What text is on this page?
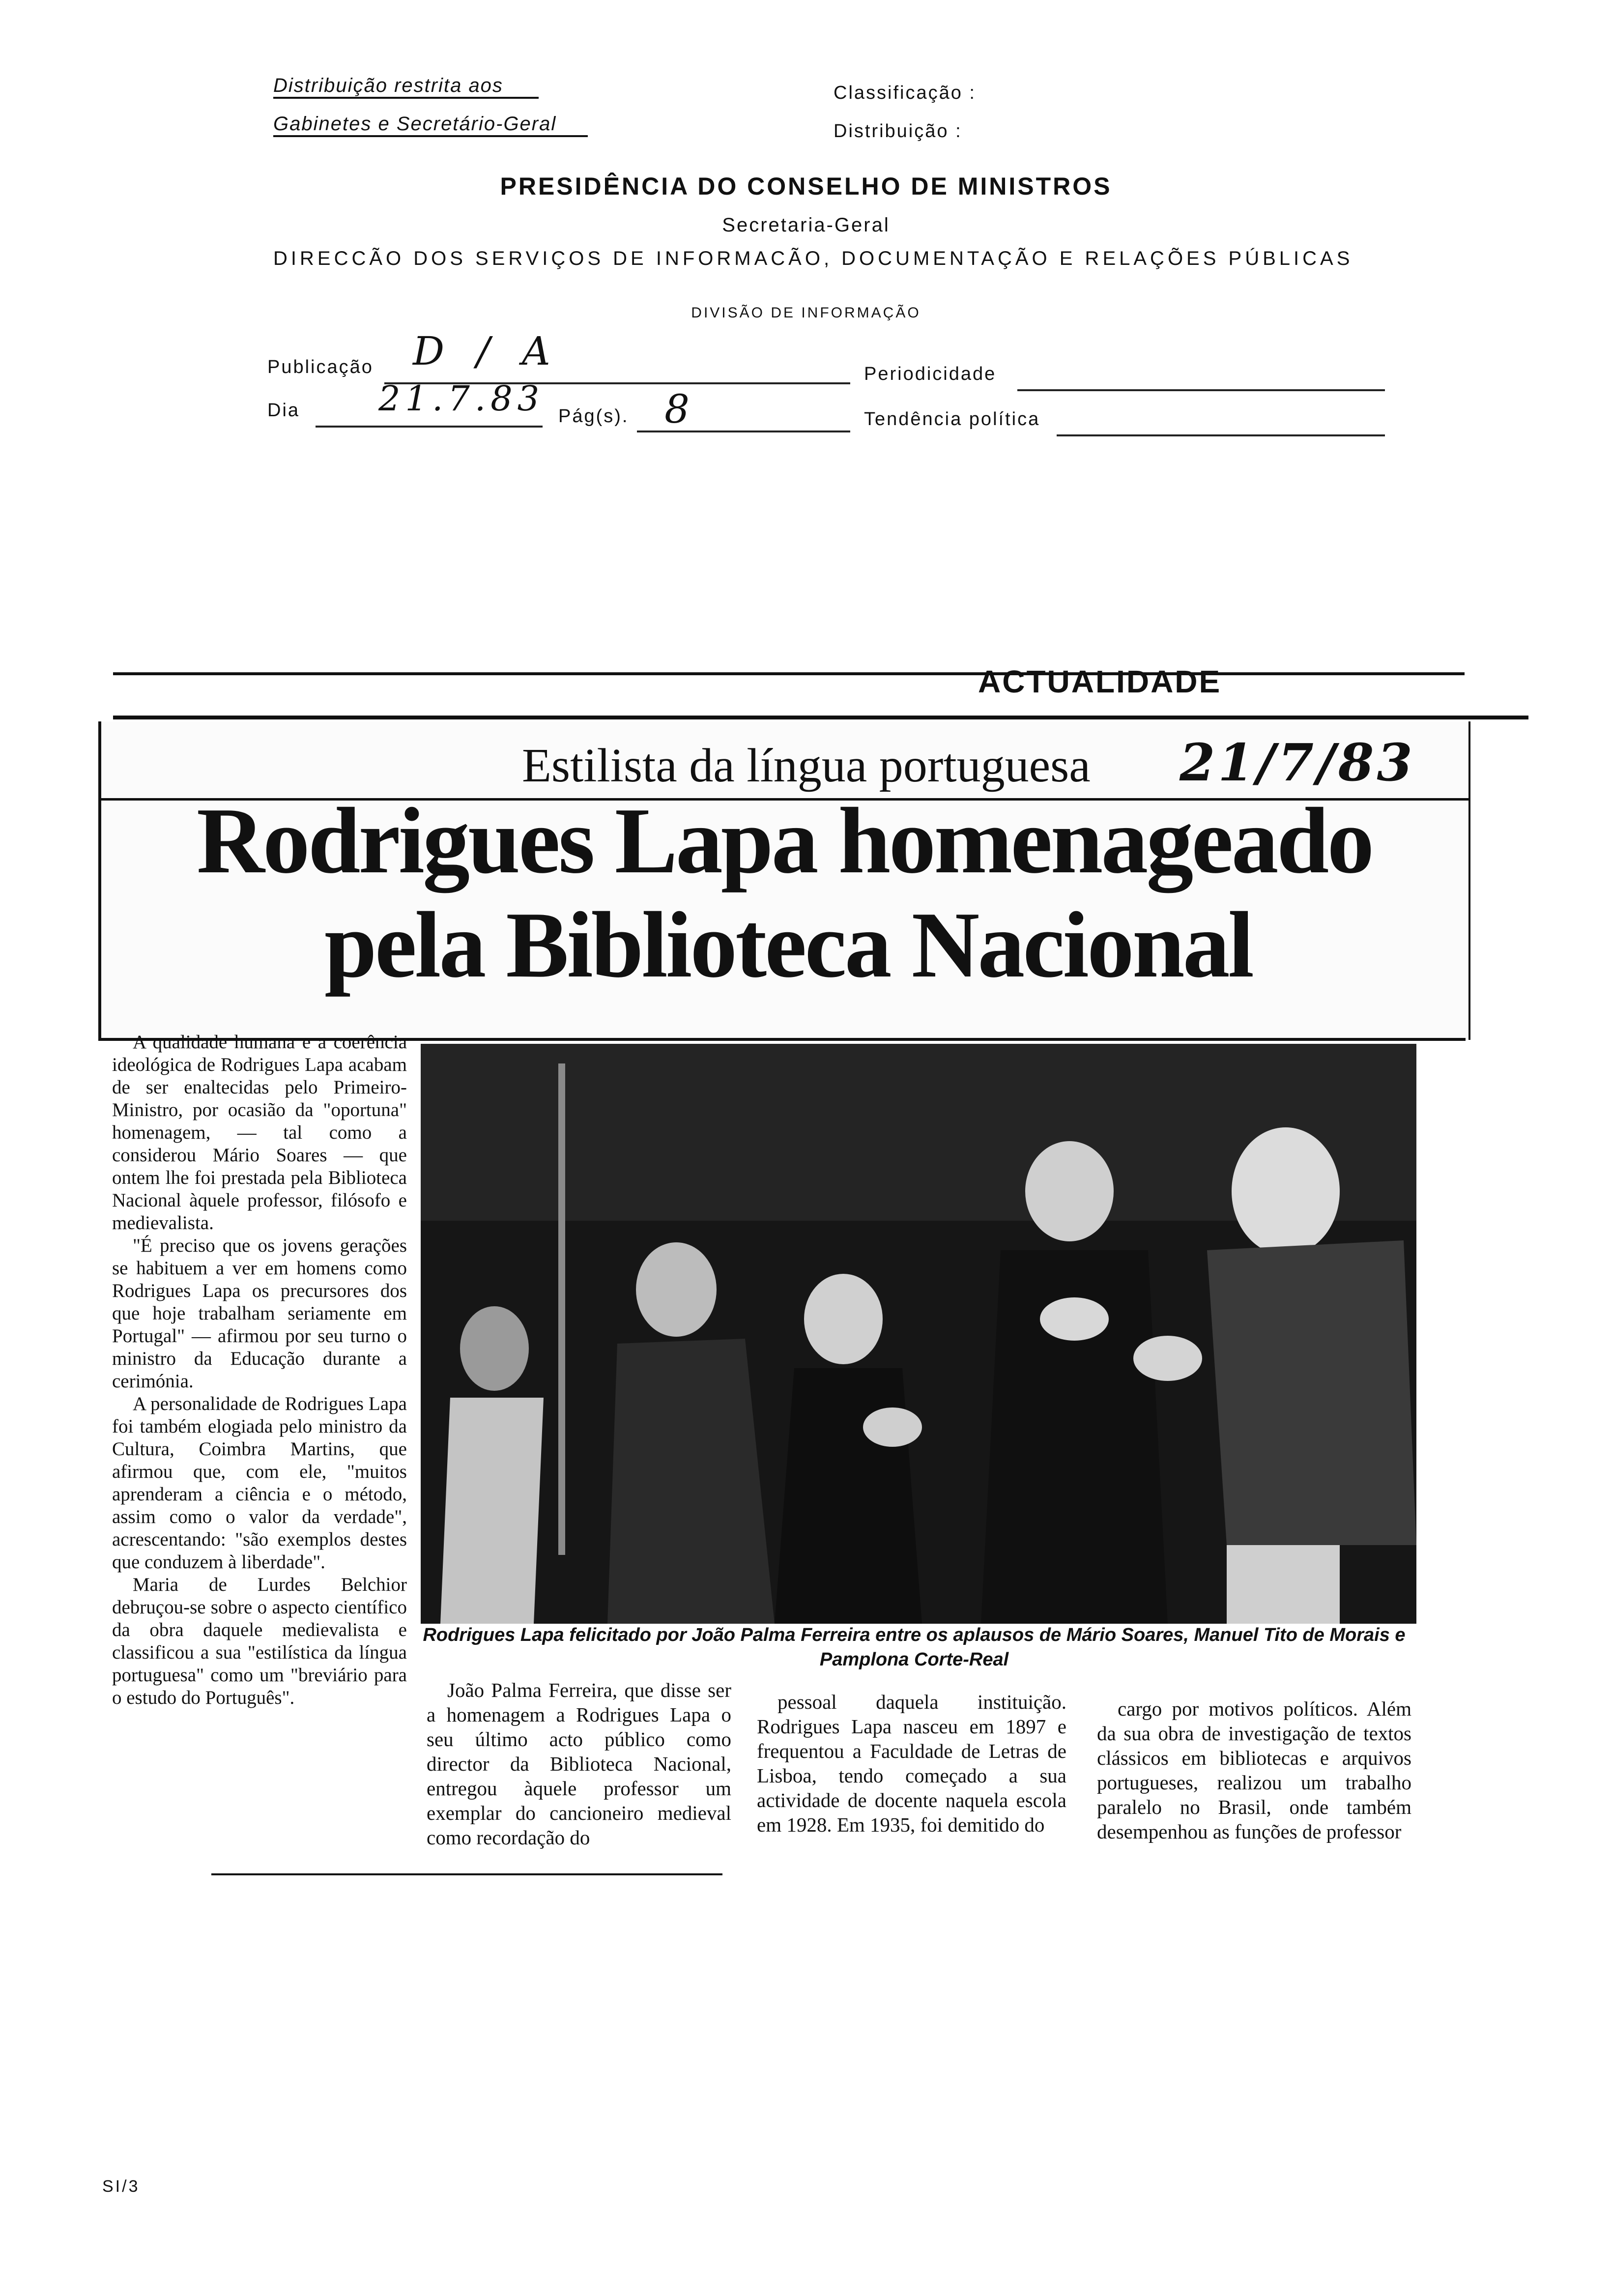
Distribuição restrita aos
Gabinetes e Secretário-Geral
Classificação :
Distribuição :
PRESIDÊNCIA DO CONSELHO DE MINISTROS
Secretaria-Geral
DIRECCÃO DOS SERVIÇOS DE INFORMACÃO, DOCUMENTAÇÃO E RELAÇÕES PÚBLICAS
DIVISÃO DE INFORMAÇÃO
Publicação D / A	Periodicidade
Dia 21.7.83 Pág(s). 8	Tendência política
ACTUALIDADE
Estilista da língua portuguesa 21/7/83
Rodrigues Lapa homenageado
pela Biblioteca Nacional

A qualidade humana e a coerência ideológica de Rodrigues Lapa acabam de ser enaltecidas pelo Primeiro-Ministro, por ocasião da "oportuna" homenagem, — tal como a considerou Mário Soares — que ontem lhe foi prestada pela Biblioteca Nacional àquele professor, filósofo e medievalista.

"É preciso que os jovens gerações se habituem a ver em homens como Rodrigues Lapa os precursores dos que hoje trabalham seriamente em Portugal" — afirmou por seu turno o ministro da Educação durante a cerimónia.

A personalidade de Rodrigues Lapa foi também elogiada pelo ministro da Cultura, Coimbra Martins, que afirmou que, com ele, "muitos aprenderam a ciência e o método, assim como o valor da verdade", acrescentando: "são exemplos destes que conduzem à liberdade".

Maria de Lurdes Belchior debruçou-se sobre o aspecto científico da obra daquele medievalista e classificou a sua "estilística da língua portuguesa" como um "breviário para o estudo do Português".

Rodrigues Lapa felicitado por João Palma Ferreira entre os aplausos de Mário Soares, Manuel Tito de Morais e Pamplona Corte-Real

João Palma Ferreira, que disse ser a homenagem a Rodrigues Lapa o seu último acto público como director da Biblioteca Nacional, entregou àquele professor um exemplar do cancioneiro medieval como recordação do

pessoal daquela instituição. Rodrigues Lapa nasceu em 1897 e frequentou a Faculdade de Letras de Lisboa, tendo começado a sua actividade de docente naquela escola em 1928. Em 1935, foi demitido do

cargo por motivos políticos. Além da sua obra de investigação de textos clássicos em bibliotecas e arquivos portugueses, realizou um trabalho paralelo no Brasil, onde também desempenhou as funções de professor

SI/3
